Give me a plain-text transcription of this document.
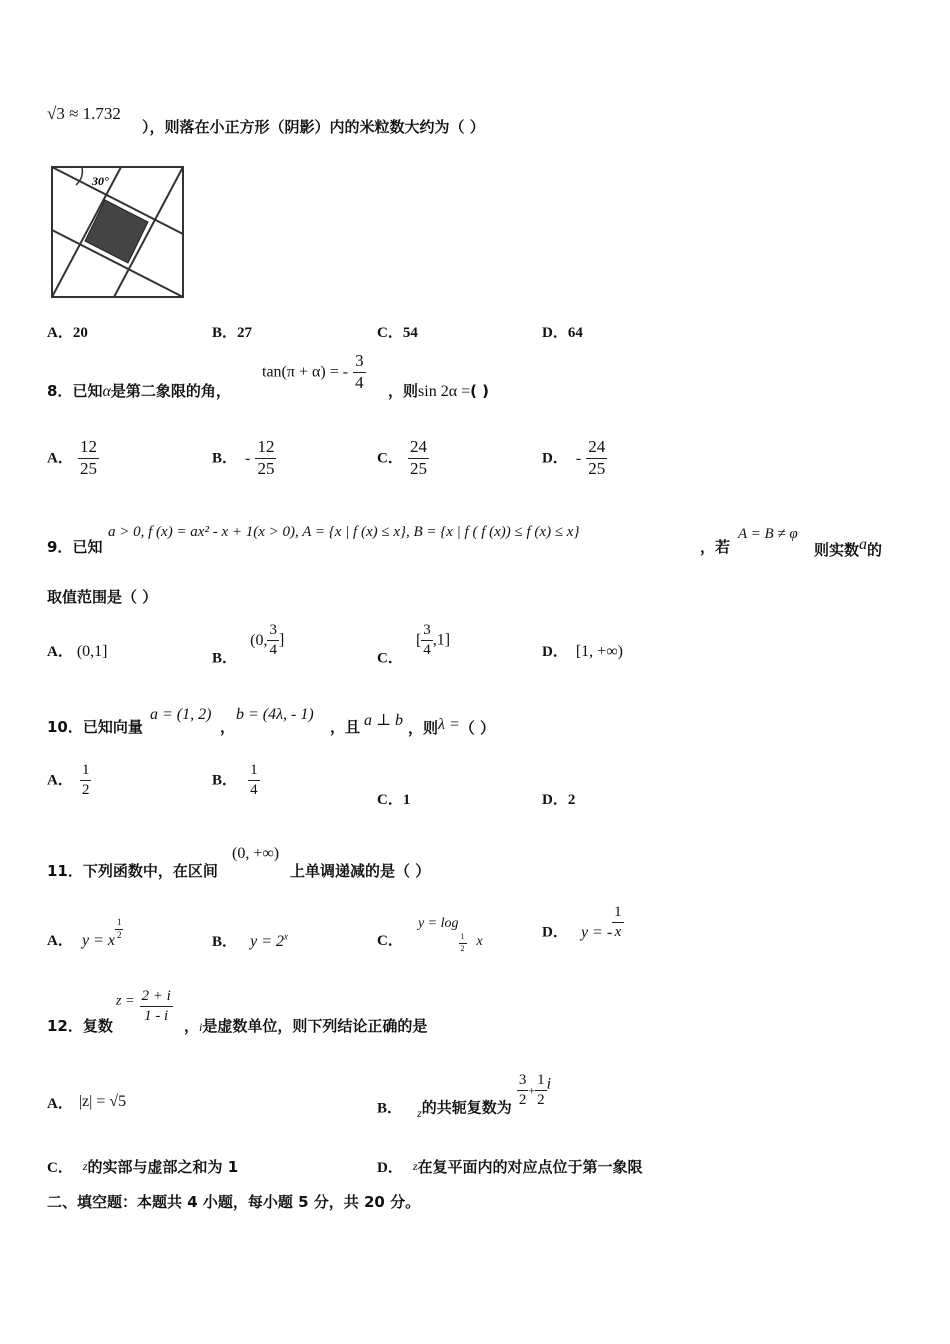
√3 ≈ 1.732
），则落在小正方形（阴影）内的米粒数大约为（ ）
30°
A．20	B．27	C．54	D．64
8．已知α是第二象限的角，
tan(π + α) = - $\frac{3}{4}$ ，则sin 2α =( )
A． $\frac{12}{25}$	B． - $\frac{12}{25}$	C． $\frac{24}{25}$	D． - $\frac{24}{25}$
9．已知
a > 0, f (x) = ax² - x + 1(x > 0), A = {x | f (x) ≤ x}, B = {x | f ( f (x)) ≤ f (x) ≤ x}
，若
A = B ≠ φ
则实数a的
取值范围是（ ）
A． (0,1]	B． (0, $\frac{3}{4}$ ]
C． [ $\frac{3}{4} ,1$]
D． [1, +∞)
10．已知向量
a = (1, 2)
，
b = (4λ, - 1)
，且 a ⊥ b ，则λ =（ ）
A． $\frac{1}{2}$	B． $\frac{1}{4}$
C．1	D．2
11．下列函数中，在区间
(0, +∞)
上单调递减的是（ ）
A． y = x $\frac{1}{2}$
B． $y = 2^x$	C． y = log
$\frac{1}{2}$ x
D． y = - $\frac{1}{x}$
12．复数
$z = \frac{2 + i}{1 - i}$
，i是虚数单位，则下列结论正确的是
A． |z| = √5	B． $_z$的共轭复数为 $\frac{3}{2} + \frac{1}{2}$ i
C． z的实部与虚部之和为 1	D． z在复平面内的对应点位于第一象限
二、填空题：本题共 4 小题，每小题 5 分，共 20 分。
